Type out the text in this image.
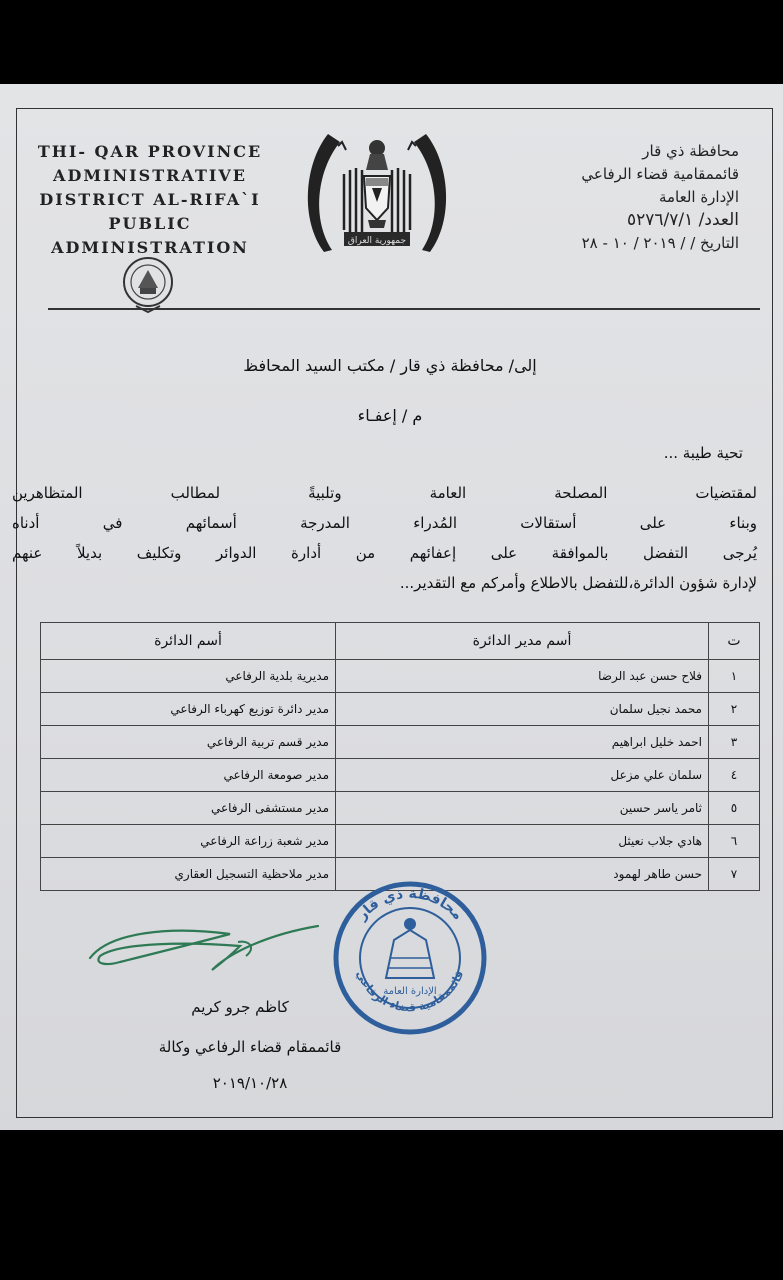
THI- QAR PROVINCE
ADMINISTRATIVE
DISTRICT AL-RIFA`I
PUBLIC
ADMINISTRATION	جمهورية العراق
محافظة ذي قار
قائممقامية قضاء الرفاعي
الإدارة العامة
العدد/ ٥٢٧٦/٧/١
التاريخ / / ٢٠١٩ / ١٠ - ٢٨
إلى/ محافظة ذي قار / مكتب السيد المحافظ
م / إعفـاء
تحية طيبة ...
لمقتضيات المصلحة العامة وتلبيةً لمطالب المتظاهرين
وبناء على أستقالات المُدراء المدرجة أسمائهم في أدناه
يُرجى التفضل بالموافقة على إعفائهم من أدارة الدوائر وتكليف بديلاً عنهم
لإدارة شؤون الدائرة،للتفضل بالاطلاع وأمركم مع التقدير...
ت	أسم مدير الدائرة	أسم الدائرة
١	فلاح حسن عبد الرضا	مديرية بلدية الرفاعي
٢	محمد نجيل سلمان	مدير دائرة توزيع كهرباء الرفاعي
٣	احمد خليل ابراهيم	مدير قسم تربية الرفاعي
٤	سلمان علي مزعل	مدير صومعة الرفاعي
٥	ثامر ياسر حسين	مدير مستشفى الرفاعي
٦	هادي جلاب نعيثل	مدير شعبة زراعة الرفاعي
٧	حسن طاهر لهمود	مدير ملاحظية التسجيل العقاري
محافظة ذي قار
قائممقامية قضاء الرفاعي
الإدارة العامة
كاظم جرو كريم
قائممقام قضاء الرفاعي وكالة
٢٠١٩/١٠/٢٨
